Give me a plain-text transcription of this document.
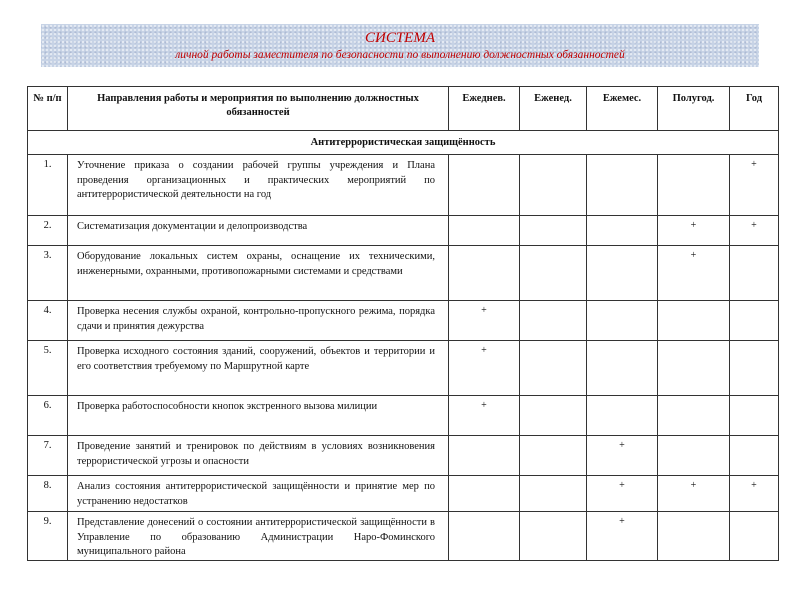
СИСТЕМА
личной работы заместителя по безопасности по выполнению должностных обязанностей
№ п/п	Направления работы и мероприятия по выполнению должностных обязанностей	Ежеднев.	Еженед.	Ежемес.	Полугод.	Год
Антитеррористическая защищённость						
1.	Уточнение приказа о создании рабочей группы учреждения и Плана проведения организационных и практических мероприятий по антитеррористической деятельности на год					+
2.	Систематизация документации и делопроизводства				+	+
3.	Оборудование локальных систем охраны, оснащение их техническими, инженерными, охранными, противопожарными системами и средствами				+	
4.	Проверка несения службы охраной, контрольно-пропускного режима, порядка сдачи и принятия дежурства	+				
5.	Проверка исходного состояния зданий, сооружений, объектов и территории и его соответствия требуемому по Маршрутной карте	+				
6.	Проверка работоспособности кнопок экстренного вызова милиции	+				
7.	Проведение занятий и тренировок по действиям в условиях возникновения террористической угрозы и опасности			+		
8.	Анализ состояния антитеррористической защищённости и принятие мер по устранению недостатков			+	+	+
9.	Представление донесений о состоянии антитеррористической защищённости в Управление по образованию Администрации Наро-Фоминского муниципального района			+		
